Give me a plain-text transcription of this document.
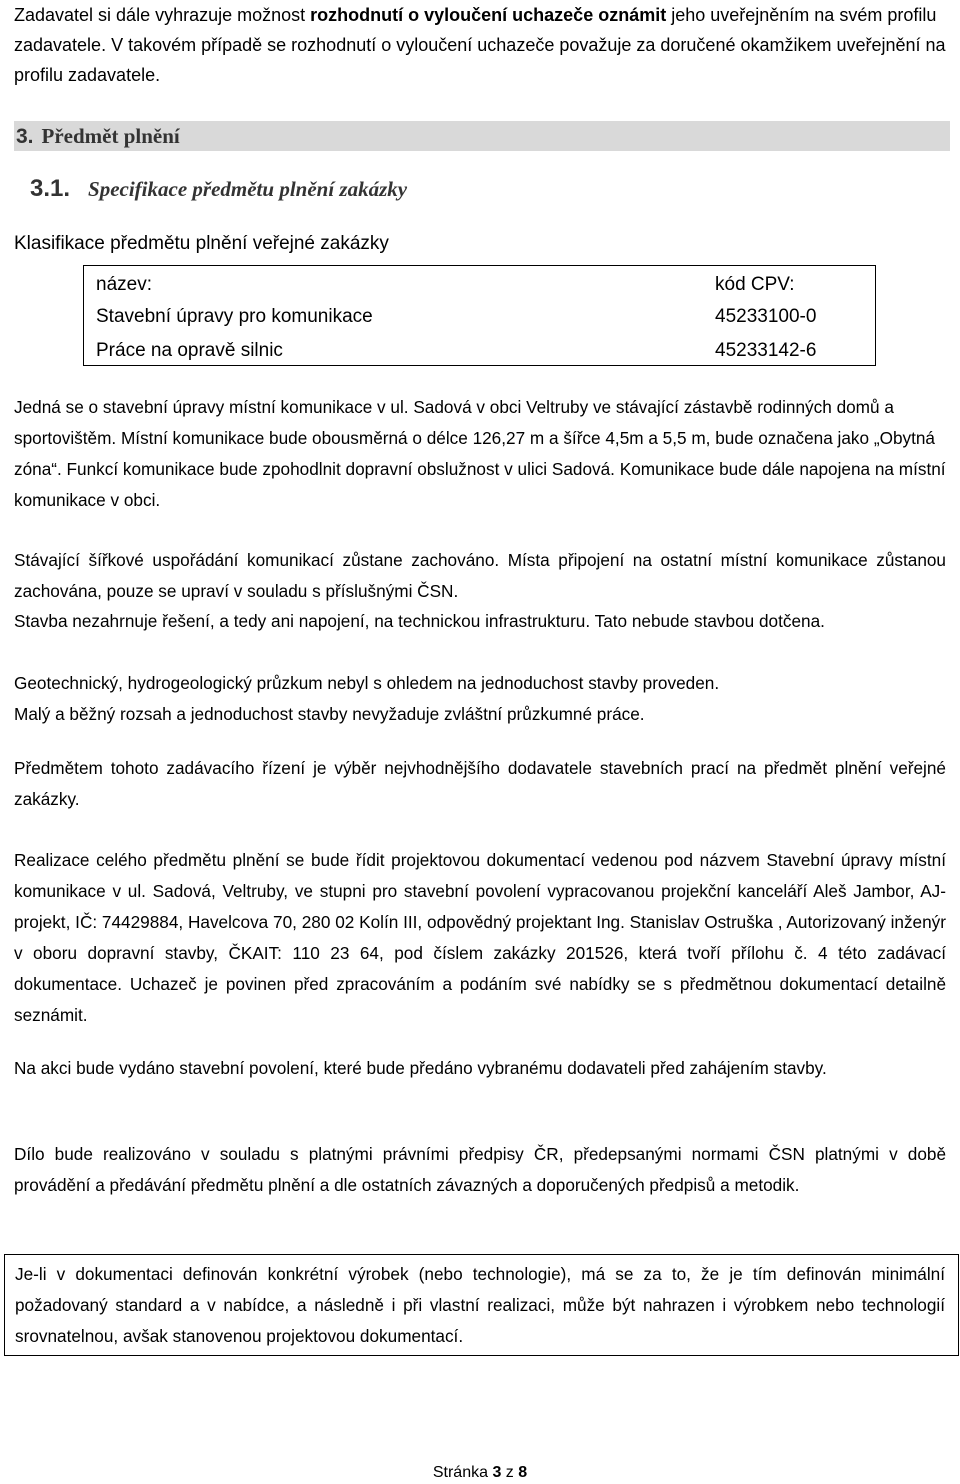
Zadavatel si dále vyhrazuje možnost rozhodnutí o vyloučení uchazeče oznámit jeho uveřejněním na svém profilu zadavatele. V takovém případě se rozhodnutí o vyloučení uchazeče považuje za doručené okamžikem uveřejnění na profilu zadavatele.

3. Předmět plnění
3.1. Specifikace předmětu plnění zakázky

Klasifikace předmětu plnění veřejné zakázky

název:	kód CPV:
Stavební úpravy pro komunikace	45233100-0
Práce na opravě silnic	45233142-6

Jedná se o stavební úpravy místní komunikace v ul. Sadová v obci Veltruby ve stávající zástavbě rodinných domů a sportovištěm. Místní komunikace bude obousměrná o délce 126,27 m a šířce 4,5m a 5,5 m, bude označena jako „Obytná zóna“. Funkcí komunikace bude zpohodlnit dopravní obslužnost v ulici Sadová. Komunikace bude dále napojena na místní komunikace v obci.

Stávající šířkové uspořádání komunikací zůstane zachováno. Místa připojení na ostatní místní komunikace zůstanou zachována, pouze se upraví v souladu s příslušnými ČSN.

Stavba nezahrnuje řešení, a tedy ani napojení, na technickou infrastrukturu. Tato nebude stavbou dotčena.

Geotechnický, hydrogeologický průzkum nebyl s ohledem na jednoduchost stavby proveden.

Malý a běžný rozsah a jednoduchost stavby nevyžaduje zvláštní průzkumné práce.

Předmětem tohoto zadávacího řízení je výběr nejvhodnějšího dodavatele stavebních prací na předmět plnění veřejné zakázky.

Realizace celého předmětu plnění se bude řídit projektovou dokumentací vedenou pod názvem Stavební úpravy místní komunikace v ul. Sadová, Veltruby, ve stupni pro stavební povolení vypracovanou projekční kanceláří Aleš Jambor, AJ-projekt, IČ: 74429884, Havelcova 70, 280 02 Kolín III, odpovědný projektant Ing. Stanislav Ostruška , Autorizovaný inženýr v oboru dopravní stavby, ČKAIT: 110 23 64, pod číslem zakázky 201526, která tvoří přílohu č. 4 této zadávací dokumentace. Uchazeč je povinen před zpracováním a podáním své nabídky se s předmětnou dokumentací detailně seznámit.

Na akci bude vydáno stavební povolení, které bude předáno vybranému dodavateli před zahájením stavby.

Dílo bude realizováno v souladu s platnými právními předpisy ČR, předepsanými normami ČSN platnými v době provádění a předávání předmětu plnění a dle ostatních závazných a doporučených předpisů a metodik.

Je-li v dokumentaci definován konkrétní výrobek (nebo technologie), má se za to, že je tím definován minimální požadovaný standard a v nabídce, a následně i při vlastní realizaci, může být nahrazen i výrobkem nebo technologií srovnatelnou, avšak stanovenou projektovou dokumentací.

Stránka 3 z 8
